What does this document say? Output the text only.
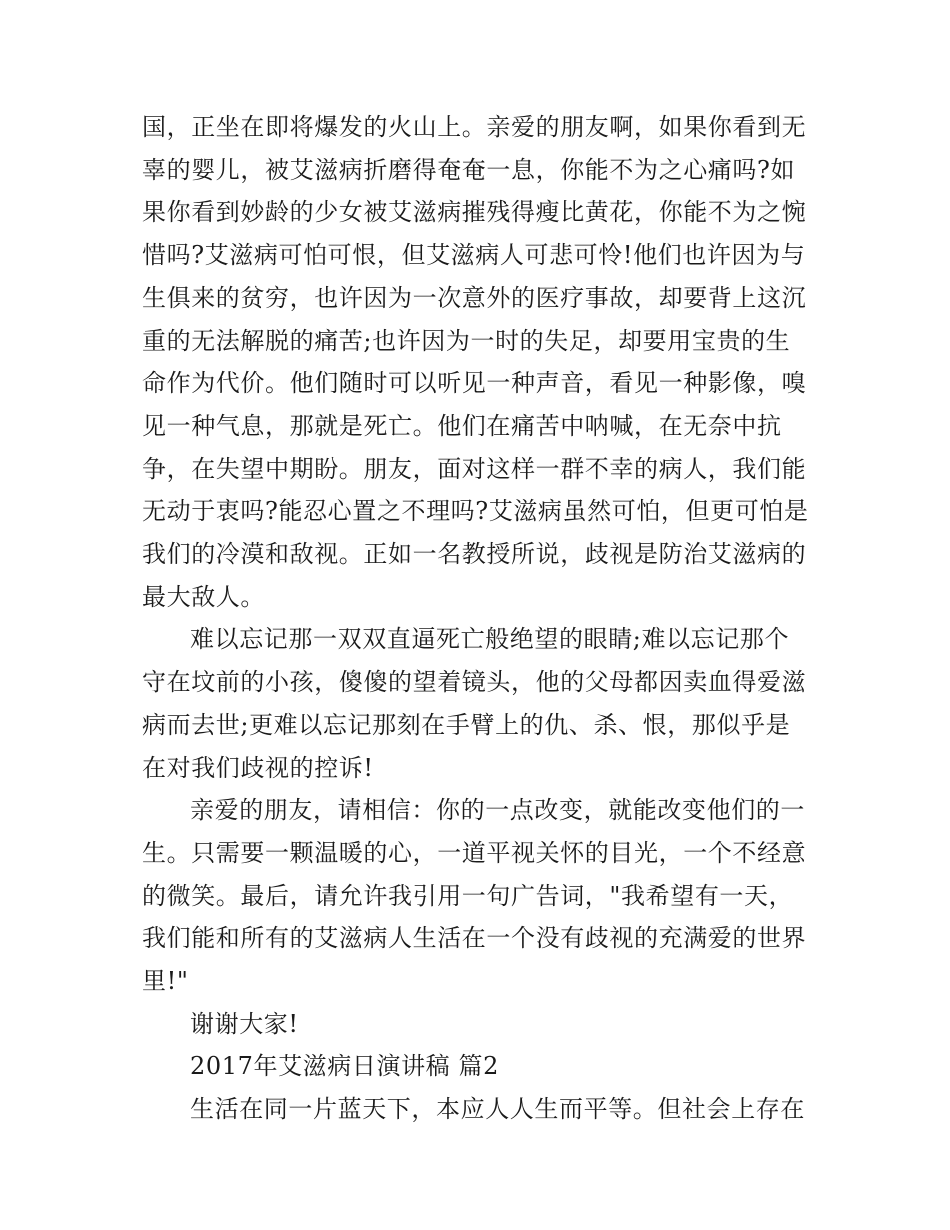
国，正坐在即将爆发的火山上。亲爱的朋友啊，如果你看到无辜的婴儿，被艾滋病折磨得奄奄一息，你能不为之心痛吗?如果你看到妙龄的少女被艾滋病摧残得瘦比黄花，你能不为之惋惜吗?艾滋病可怕可恨，但艾滋病人可悲可怜!他们也许因为与生俱来的贫穷，也许因为一次意外的医疗事故，却要背上这沉重的无法解脱的痛苦;也许因为一时的失足，却要用宝贵的生命作为代价。他们随时可以听见一种声音，看见一种影像，嗅见一种气息，那就是死亡。他们在痛苦中呐喊，在无奈中抗争，在失望中期盼。朋友，面对这样一群不幸的病人，我们能无动于衷吗?能忍心置之不理吗?艾滋病虽然可怕，但更可怕是我们的冷漠和敌视。正如一名教授所说，歧视是防治艾滋病的最大敌人。

难以忘记那一双双直逼死亡般绝望的眼睛;难以忘记那个守在坟前的小孩，傻傻的望着镜头，他的父母都因卖血得爱滋病而去世;更难以忘记那刻在手臂上的仇、杀、恨，那似乎是在对我们歧视的控诉!

亲爱的朋友，请相信：你的一点改变，就能改变他们的一生。只需要一颗温暖的心，一道平视关怀的目光，一个不经意的微笑。最后，请允许我引用一句广告词，"我希望有一天，我们能和所有的艾滋病人生活在一个没有歧视的充满爱的世界里!"

谢谢大家!

2017年艾滋病日演讲稿 篇2

生活在同一片蓝天下，本应人人生而平等。但社会上存在
